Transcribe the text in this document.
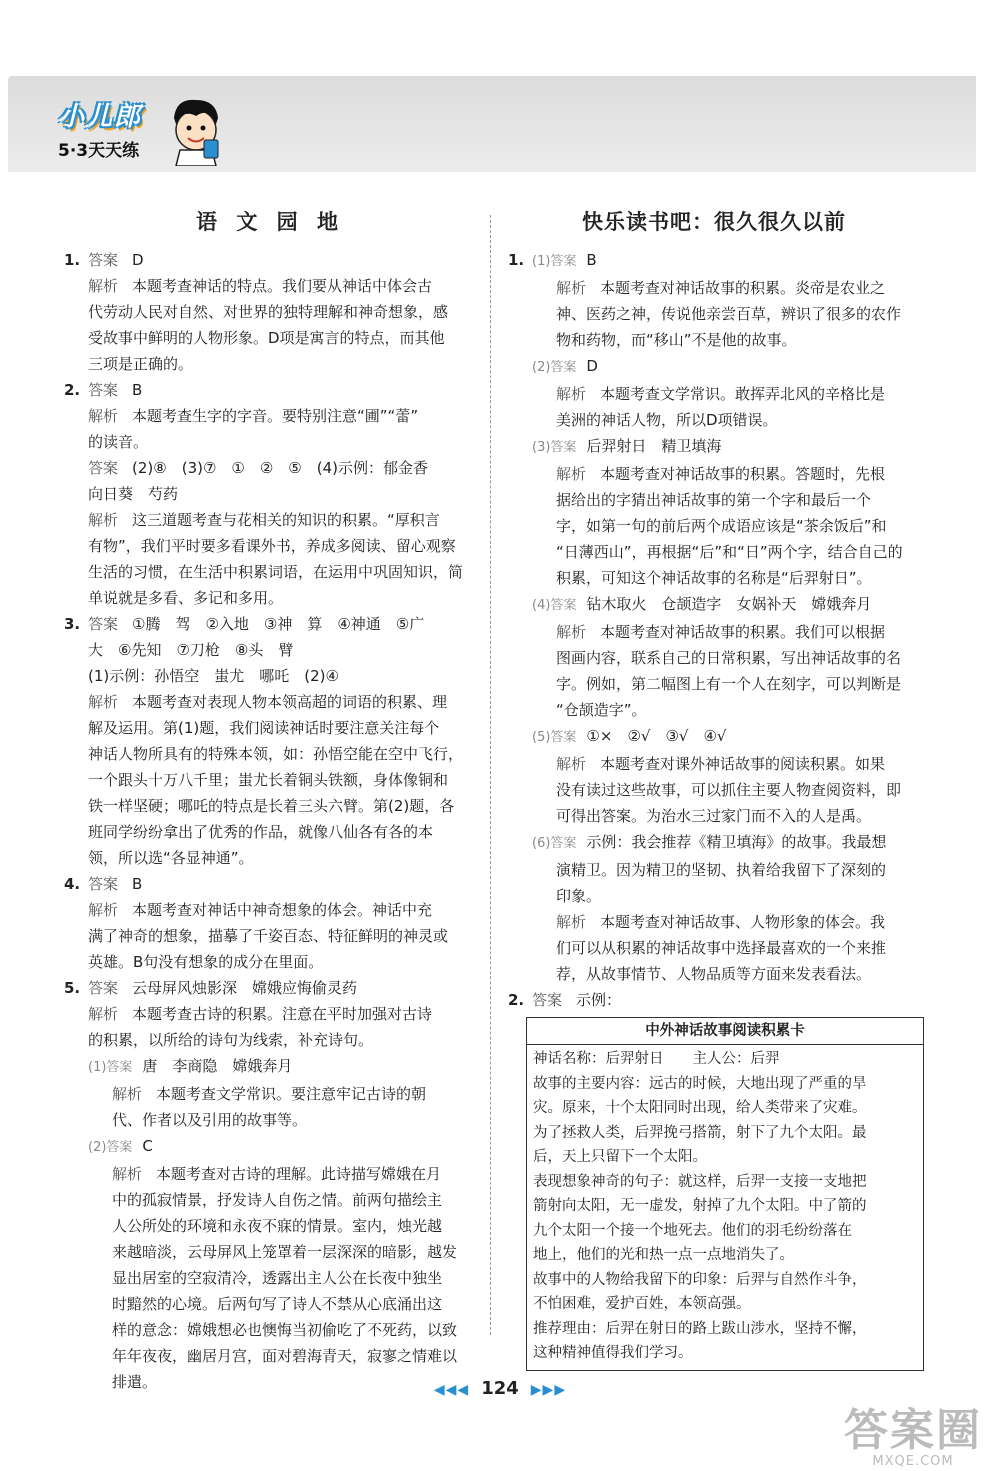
小儿郎
5·3天天练
语 文 园 地
1. 答案 D

解析 本题考查神话的特点。我们要从神话中体会古

代劳动人民对自然、对世界的独特理解和神奇想象，感
受故事中鲜明的人物形象。D项是寓言的特点，而其他
三项是正确的。
2. 答案 B

解析 本题考查生字的字音。要特别注意“圃”“蕾”

的读音。

答案 (2)⑧　(3)⑦　①　②　⑤　(4)示例：郁金香

向日葵　芍药

解析 这三道题考查与花相关的知识的积累。“厚积言

有物”，我们平时要多看课外书，养成多阅读、留心观察
生活的习惯，在生活中积累词语，在运用中巩固知识，简
单说就是多看、多记和多用。
3. 答案 ①腾　驾　②入地　③神　算　④神通　⑤广

大　⑥先知　⑦刀枪　⑧头　臂
(1)示例：孙悟空　蚩尤　哪吒　(2)④

解析 本题考查对表现人物本领高超的词语的积累、理

解及运用。第(1)题，我们阅读神话时要注意关注每个
神话人物所具有的特殊本领，如：孙悟空能在空中飞行，
一个跟头十万八千里；蚩尤长着铜头铁额，身体像铜和
铁一样坚硬；哪吒的特点是长着三头六臂。第(2)题，各
班同学纷纷拿出了优秀的作品，就像八仙各有各的本
领，所以选“各显神通”。
4. 答案 B

解析 本题考查对神话中神奇想象的体会。神话中充

满了神奇的想象，描摹了千姿百态、特征鲜明的神灵或
英雄。B句没有想象的成分在里面。
5. 答案 云母屏风烛影深　嫦娥应悔偷灵药

解析 本题考查古诗的积累。注意在平时加强对古诗

的积累，以所给的诗句为线索，补充诗句。

(1)答案 唐　李商隐　嫦娥奔月

解析 本题考查文学常识。要注意牢记古诗的朝

代、作者以及引用的故事等。

(2)答案 C

解析 本题考查对古诗的理解。此诗描写嫦娥在月

中的孤寂情景，抒发诗人自伤之情。前两句描绘主
人公所处的环境和永夜不寐的情景。室内，烛光越
来越暗淡，云母屏风上笼罩着一层深深的暗影，越发
显出居室的空寂清冷，透露出主人公在长夜中独坐
时黯然的心境。后两句写了诗人不禁从心底涌出这
样的意念：嫦娥想必也懊悔当初偷吃了不死药，以致
年年夜夜，幽居月宫，面对碧海青天，寂寥之情难以
排遣。
快乐读书吧：很久很久以前
1. (1)答案 B

解析 本题考查对神话故事的积累。炎帝是农业之

神、医药之神，传说他亲尝百草，辨识了很多的农作
物和药物，而“移山”不是他的故事。

(2)答案 D

解析 本题考查文学常识。敢挥弄北风的辛格比是

美洲的神话人物，所以D项错误。

(3)答案 后羿射日　精卫填海

解析 本题考查对神话故事的积累。答题时，先根

据给出的字猜出神话故事的第一个字和最后一个
字，如第一句的前后两个成语应该是“茶余饭后”和
“日薄西山”，再根据“后”和“日”两个字，结合自己的
积累，可知这个神话故事的名称是“后羿射日”。

(4)答案 钻木取火　仓颉造字　女娲补天　嫦娥奔月

解析 本题考查对神话故事的积累。我们可以根据

图画内容，联系自己的日常积累，写出神话故事的名
字。例如，第二幅图上有一个人在刻字，可以判断是
“仓颉造字”。

(5)答案 ①×　②√　③√　④√

解析 本题考查对课外神话故事的阅读积累。如果

没有读过这些故事，可以抓住主要人物查阅资料，即
可得出答案。为治水三过家门而不入的人是禹。

(6)答案 示例：我会推荐《精卫填海》的故事。我最想

演精卫。因为精卫的坚韧、执着给我留下了深刻的
印象。

解析 本题考查对神话故事、人物形象的体会。我

们可以从积累的神话故事中选择最喜欢的一个来推
荐，从故事情节、人物品质等方面来发表看法。
2. 答案 示例：

中外神话故事阅读积累卡
神话名称：后羿射日　　主人公：后羿
故事的主要内容：远古的时候，大地出现了严重的旱
灾。原来，十个太阳同时出现，给人类带来了灾难。
为了拯救人类，后羿挽弓搭箭，射下了九个太阳。最
后，天上只留下一个太阳。
表现想象神奇的句子：就这样，后羿一支接一支地把
箭射向太阳，无一虚发，射掉了九个太阳。中了箭的
九个太阳一个接一个地死去。他们的羽毛纷纷落在
地上，他们的光和热一点一点地消失了。
故事中的人物给我留下的印象：后羿与自然作斗争，
不怕困难，爱护百姓，本领高强。
推荐理由：后羿在射日的路上跋山涉水，坚持不懈，
这种精神值得我们学习。
◀◀◀ 124 ▶▶▶
答案圈
MXQE.COM
